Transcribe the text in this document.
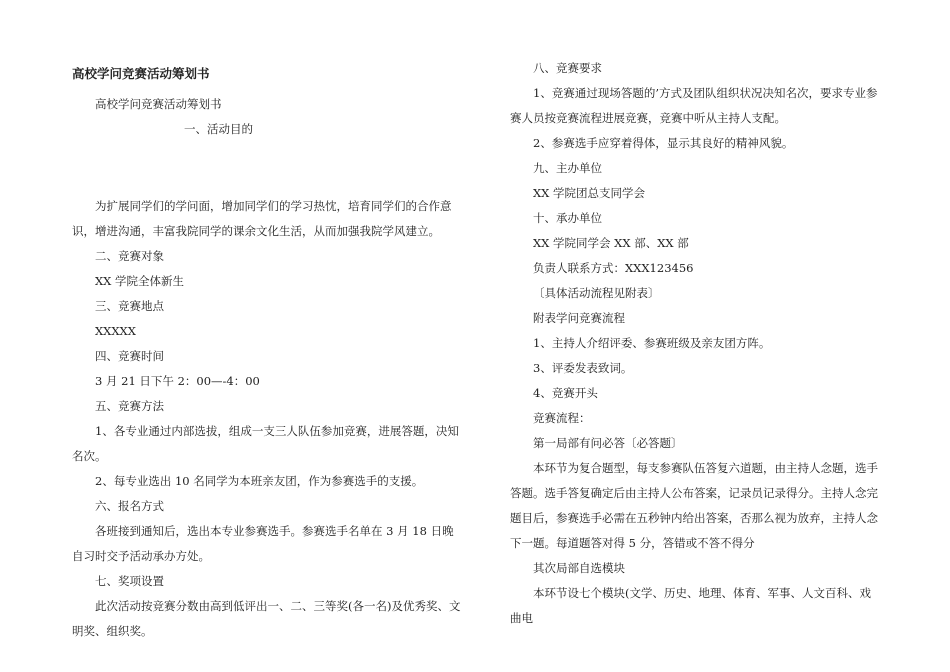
高校学问竞赛活动筹划书

高校学问竞赛活动筹划书

一、活动目的

为扩展同学们的学问面，增加同学们的学习热忱，培育同学们的合作意识，增进沟通，丰富我院同学的课余文化生活，从而加强我院学风建立。

二、竞赛对象

XX 学院全体新生

三、竞赛地点

XXXXX

四、竞赛时间

3 月 21 日下午 2：00—-4：00

五、竞赛方法

1、各专业通过内部选拔，组成一支三人队伍参加竞赛，进展答题，决知名次。

2、每专业选出 10 名同学为本班亲友团，作为参赛选手的支援。

六、报名方式

各班接到通知后，选出本专业参赛选手。参赛选手名单在 3 月 18 日晚自习时交予活动承办方处。

七、奖项设置

此次活动按竞赛分数由高到低评出一、二、三等奖(各一名)及优秀奖、文明奖、组织奖。

八、竞赛要求

1、竞赛通过现场答题的’方式及团队组织状况决知名次，要求专业参赛人员按竞赛流程进展竞赛，竞赛中听从主持人支配。

2、参赛选手应穿着得体，显示其良好的精神风貌。

九、主办单位

XX 学院团总支同学会

十、承办单位

XX 学院同学会 XX 部、XX 部

负责人联系方式：XXX123456

〔具体活动流程见附表〕

附表学问竞赛流程

1、主持人介绍评委、参赛班级及亲友团方阵。

3、评委发表致词。

4、竞赛开头

竞赛流程：

第一局部有问必答〔必答题〕

本环节为复合题型，每支参赛队伍答复六道题，由主持人念题，选手答题。选手答复确定后由主持人公布答案，记录员记录得分。主持人念完题目后，参赛选手必需在五秒钟内给出答案，否那么视为放弃，主持人念下一题。每道题答对得 5 分，答错或不答不得分

其次局部自选模块

本环节设七个模块(文学、历史、地理、体育、军事、人文百科、戏曲电
